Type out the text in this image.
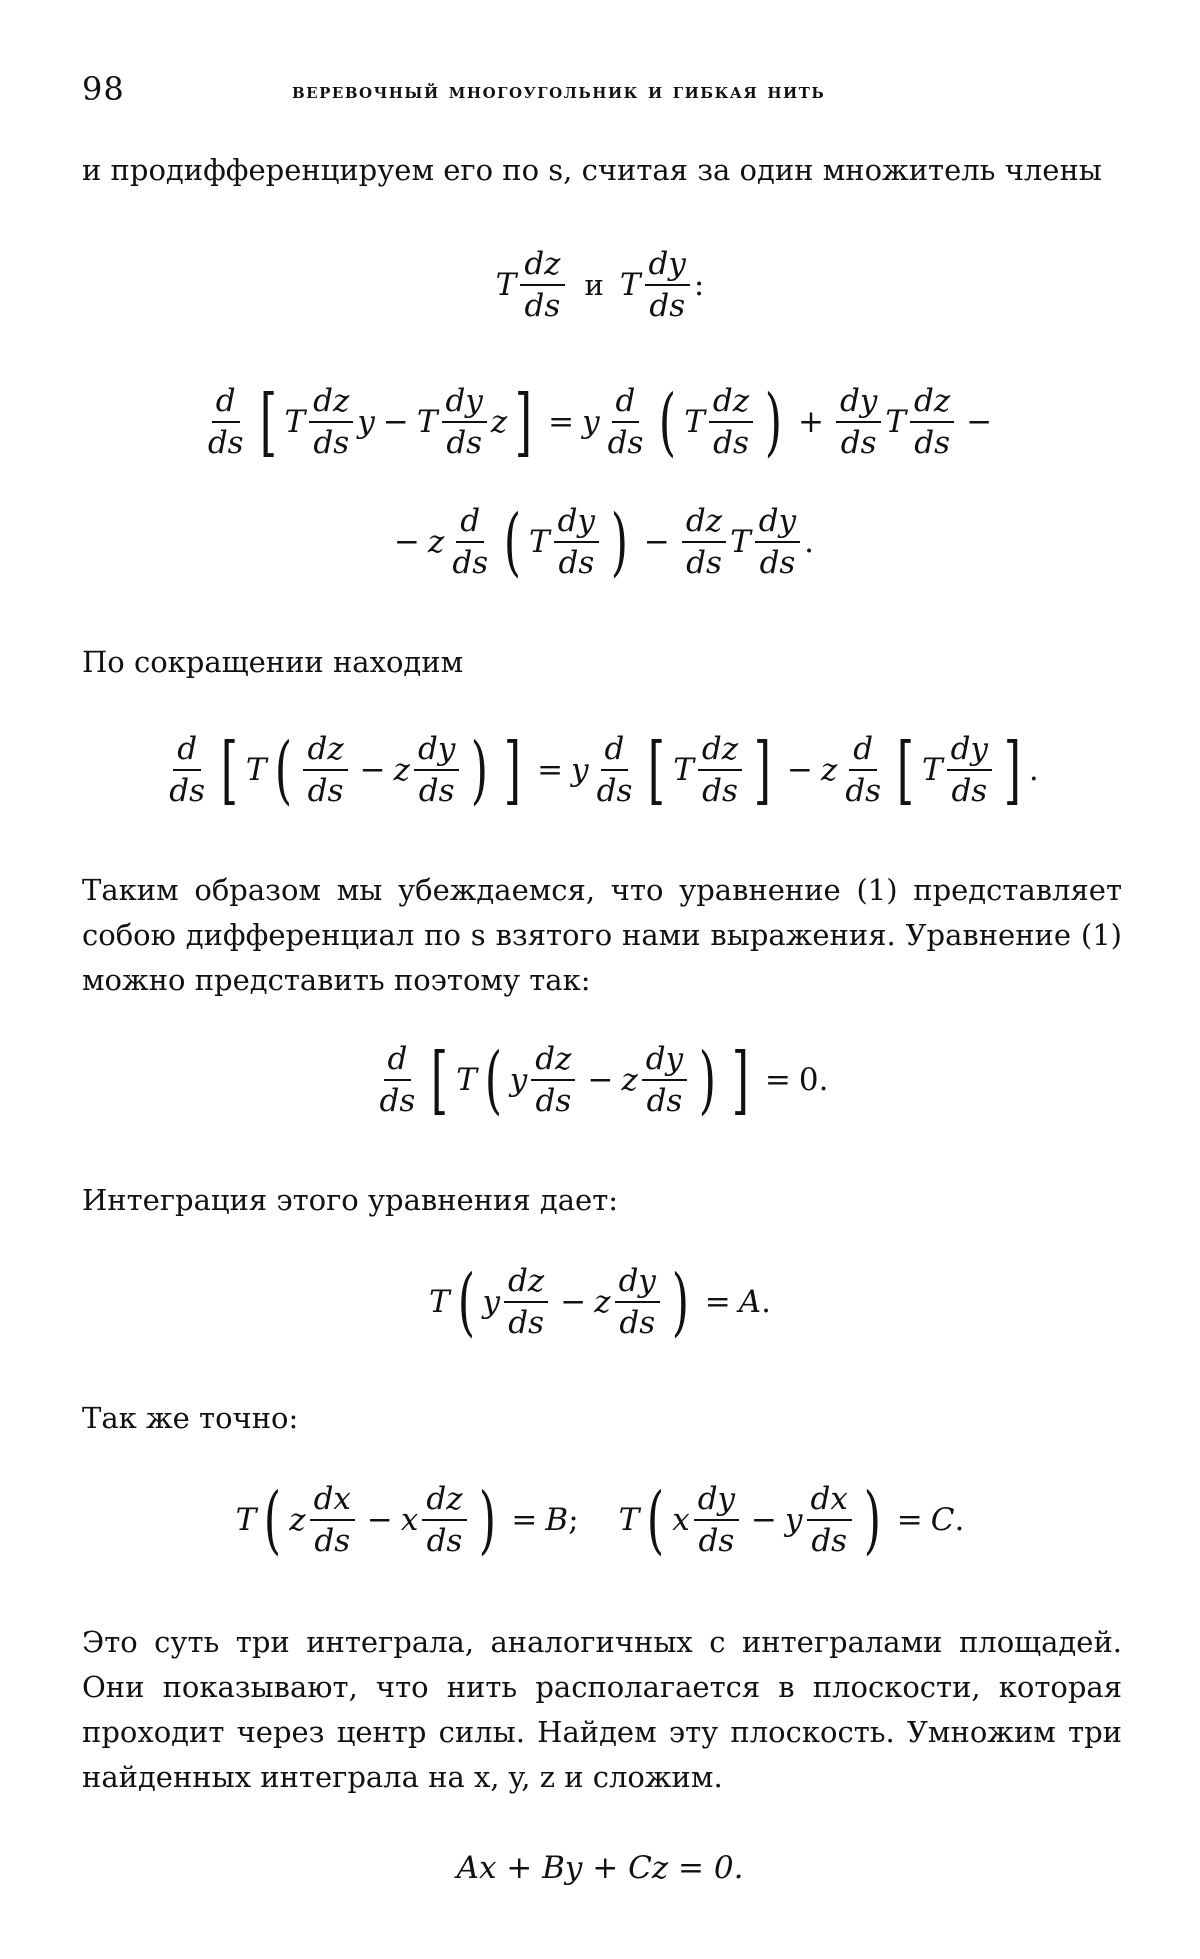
98	веревочный многоугольник и гибкая нить
и продифференцируем его по s, считая за один множитель члены
T $\frac{dz}{ds}$ и T $\frac{dy}{ds}$ :
$\frac{d}{ds}$ [ T $\frac{dz}{ds}$ y − T $\frac{dy}{ds}$ z ] = y $\frac{d}{ds}$ ( T $\frac{dz}{ds}$ ) + $\frac{dy}{ds}$ T $\frac{dz}{ds}$ −
− z $\frac{d}{ds}$ ( T $\frac{dy}{ds}$ ) − $\frac{dz}{ds}$ T $\frac{dy}{ds}$ .
По сокращении находим
$\frac{d}{ds}$ [ T ( $\frac{dz}{ds} - z \frac{dy}{ds}$ ) ] = y $\frac{d}{ds}$ [ T $\frac{dz}{ds}$ ] − z $\frac{d}{ds}$ [ T $\frac{dy}{ds}$ ] .
Таким образом мы убеждаемся, что уравнение (1) представляет собою дифференциал по s взятого нами выражения. Уравнение (1) можно представить поэтому так:
$\frac{d}{ds}$ [ T ( y $\frac{dz}{ds} - z \frac{dy}{ds}$ ) ] = 0.
Интеграция этого уравнения дает:
T ( y $\frac{dz}{ds} - z \frac{dy}{ds}$ ) = A .
Так же точно:
T ( z $\frac{dx}{ds} - x \frac{dz}{ds}$ ) = B ; T ( x $\frac{dy}{ds} - y \frac{dx}{ds}$ ) = C .
Это суть три интеграла, аналогичных с интегралами площадей. Они показывают, что нить располагается в плоскости, которая проходит через центр силы. Найдем эту плоскость. Умножим три найденных интеграла на x, y, z и сложим.
Ax + By + Cz = 0.
